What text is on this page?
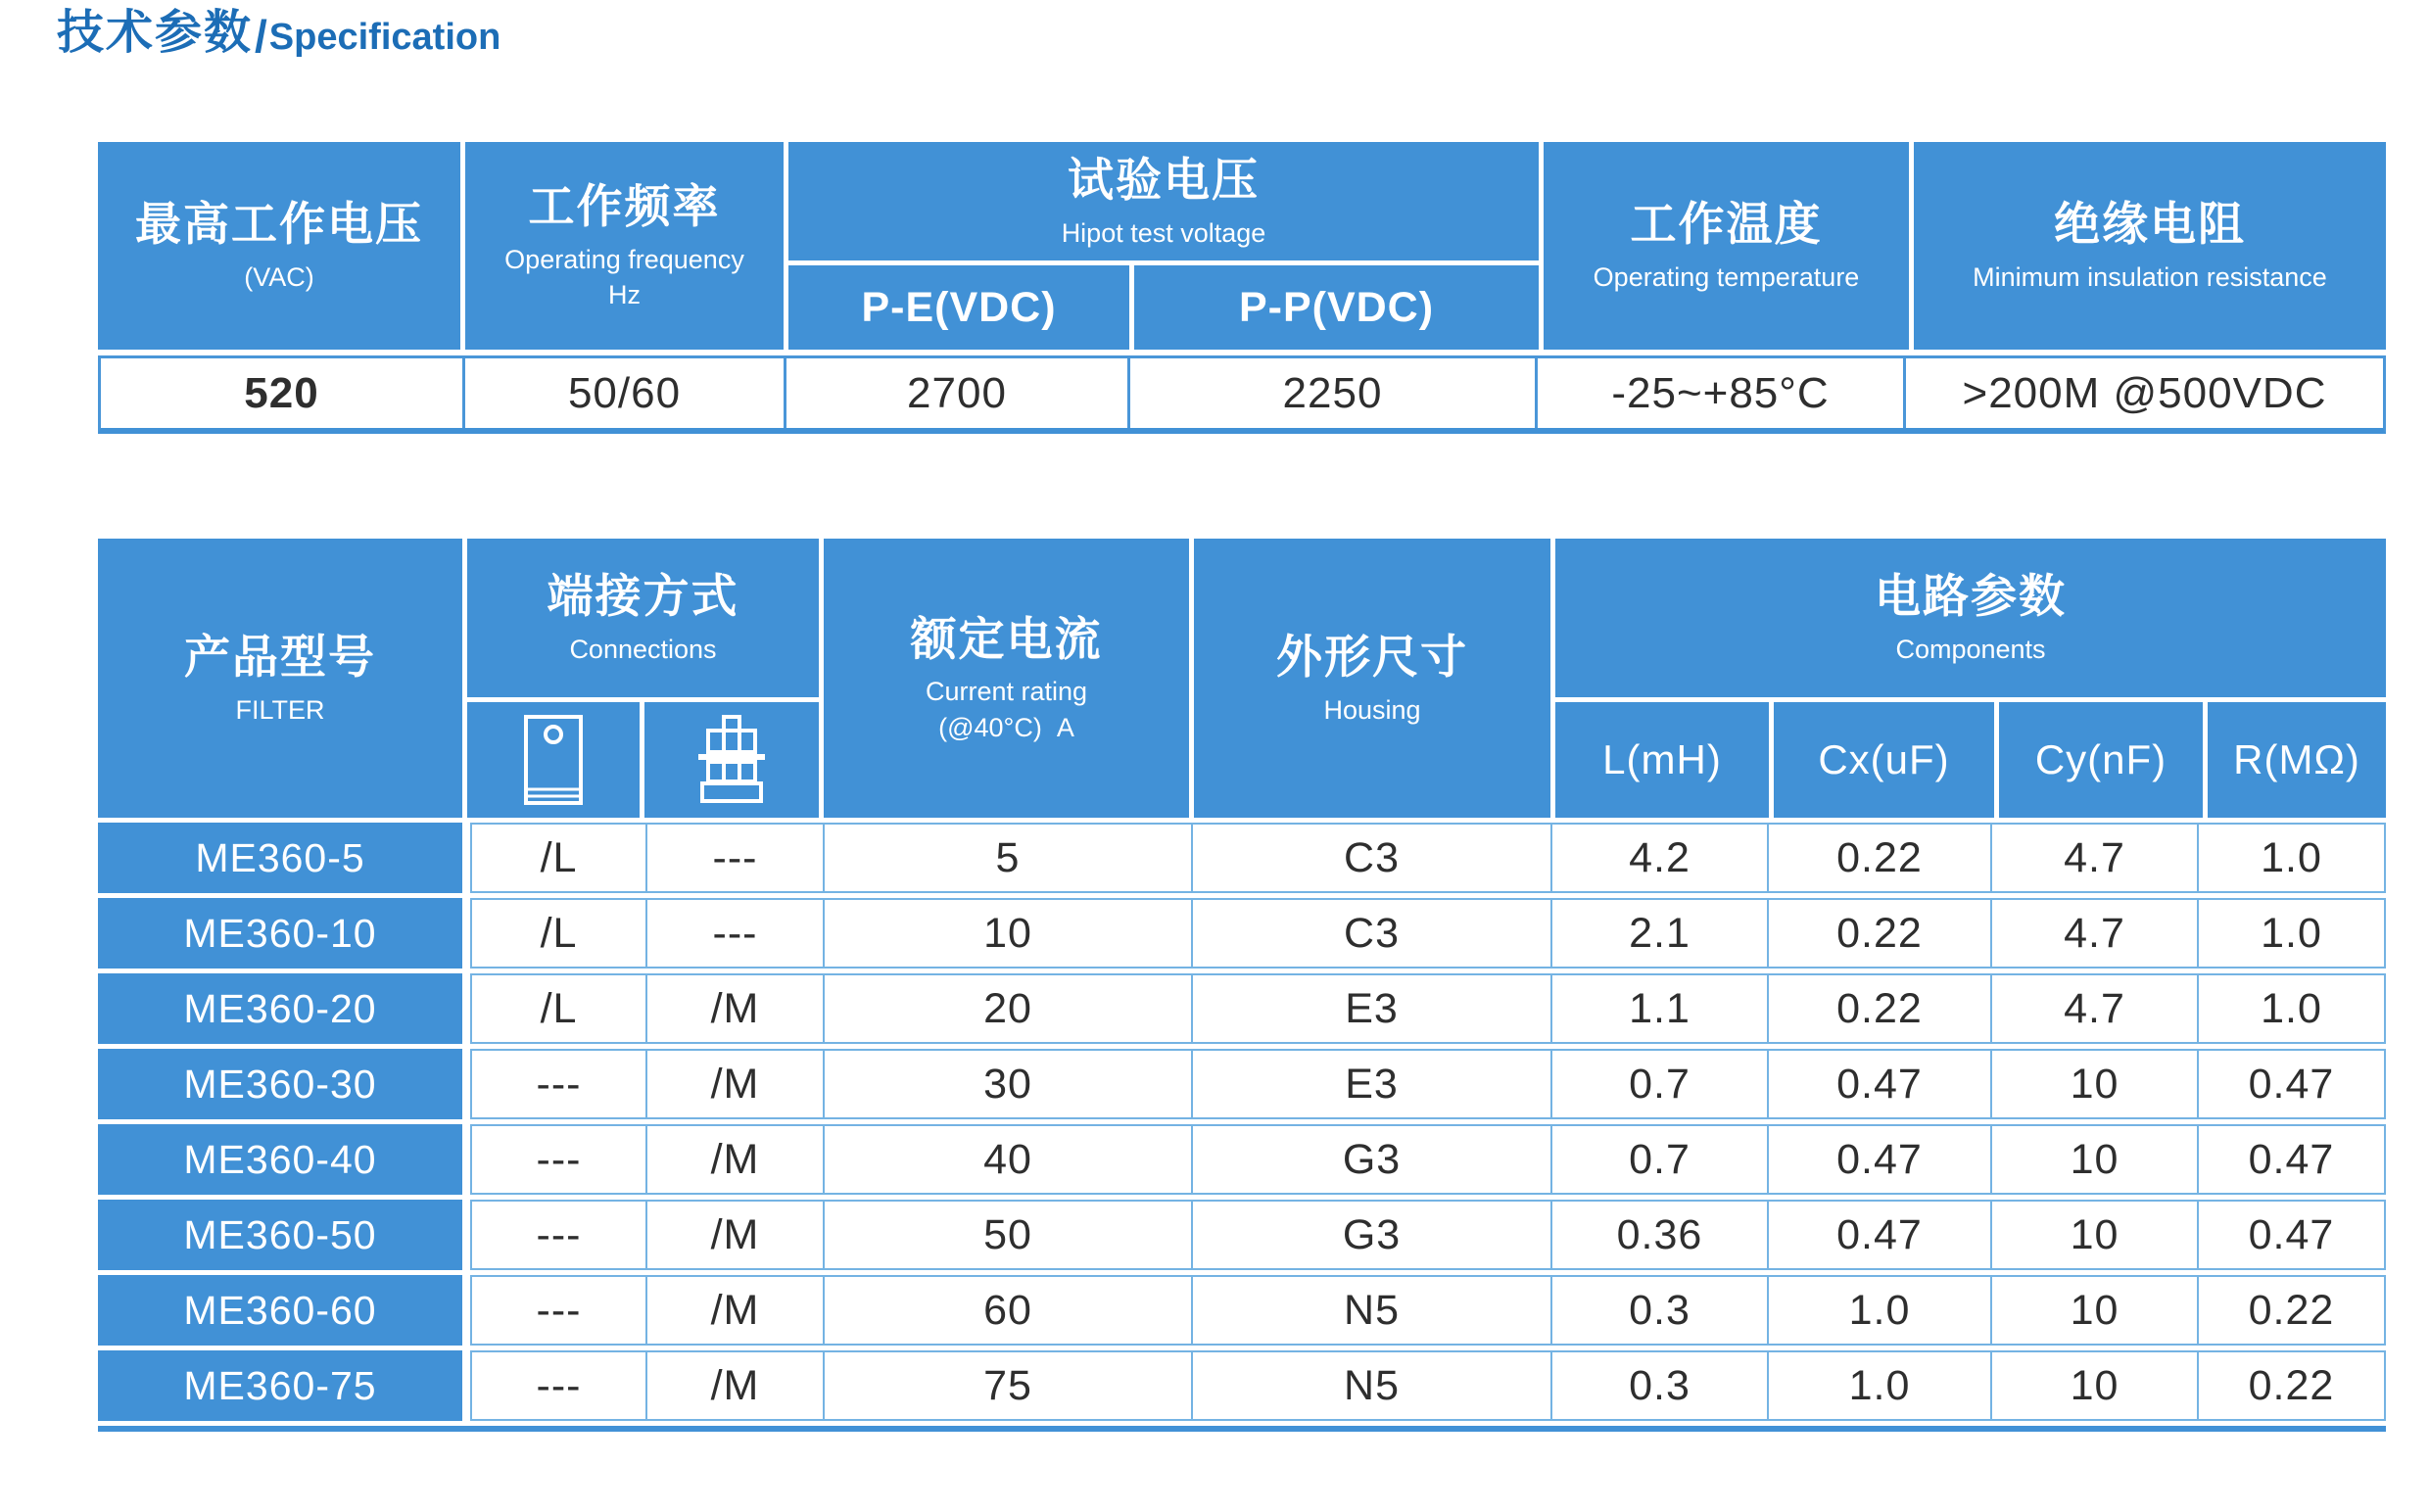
技术参数 / Specification
最高工作电压
(VAC)
工作频率
Operating frequency
Hz
试验电压
Hipot test voltage
P-E(VDC)	P-P(VDC)
工作温度
Operating temperature
绝缘电阻
Minimum insulation resistance
520	50/60	2700	2250	-25~+85°C	>200M @500VDC
产品型号
FILTER
端接方式
Connections	额定电流
Current rating
(@40°C)  A
外形尺寸
Housing
电路参数
Components
L(mH) Cx(uF) Cy(nF) R(MΩ)
ME360-5	/L	---	5	C3	4.2	0.22	4.7	1.0
ME360-10	/L	---	10	C3	2.1	0.22	4.7	1.0
ME360-20	/L	/M	20	E3	1.1	0.22	4.7	1.0
ME360-30	---	/M	30	E3	0.7	0.47	10	0.47
ME360-40	---	/M	40	G3	0.7	0.47	10	0.47
ME360-50	---	/M	50	G3	0.36	0.47	10	0.47
ME360-60	---	/M	60	N5	0.3	1.0	10	0.22
ME360-75	---	/M	75	N5	0.3	1.0	10	0.22
